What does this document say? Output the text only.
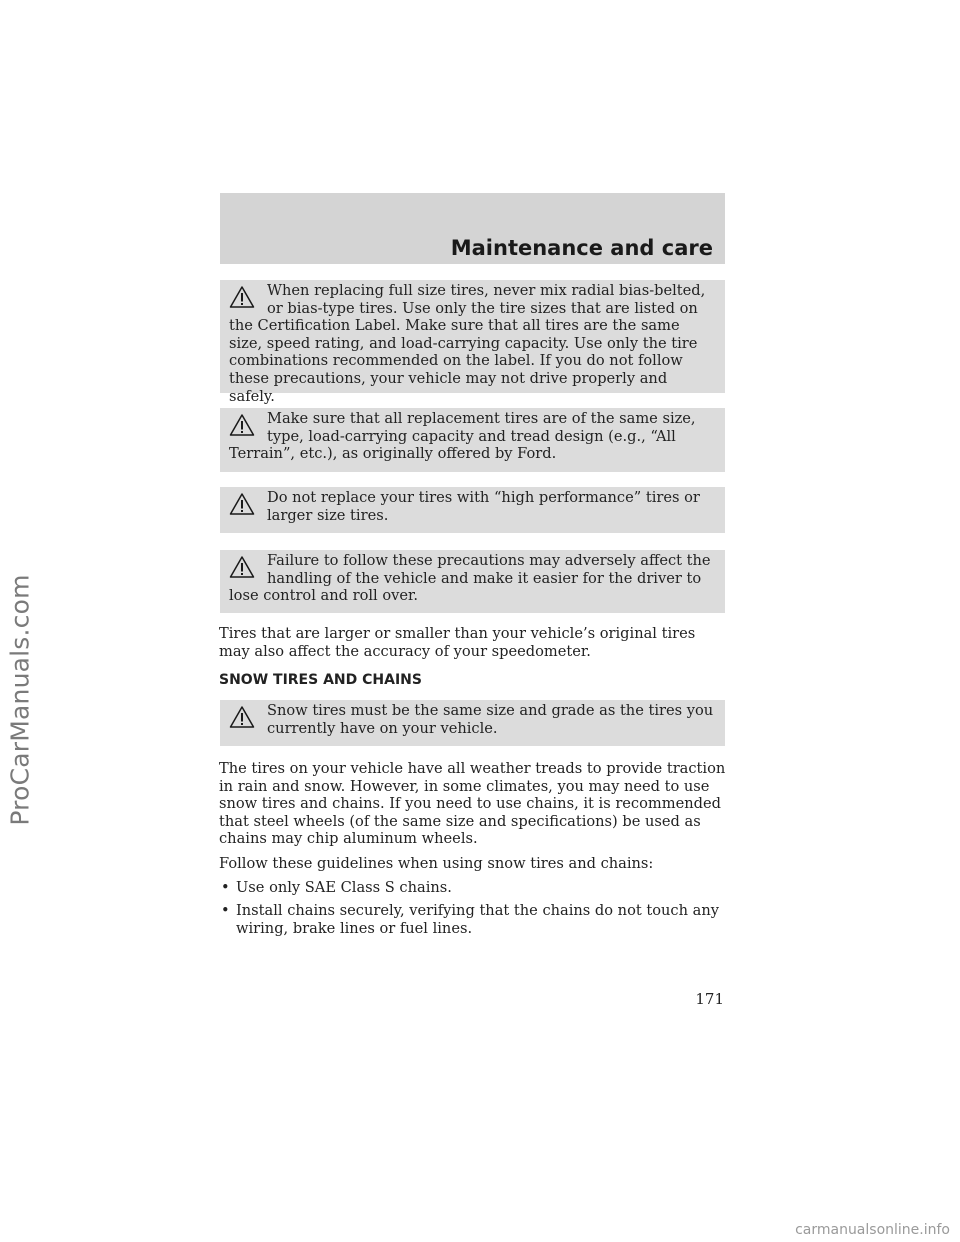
ProCarManuals.com
Maintenance and care
When replacing full size tires, never mix radial bias-belted, or bias-type tires. Use only the tire sizes that are listed on the Certification Label. Make sure that all tires are the same size, speed rating, and load-carrying capacity. Use only the tire combinations recommended on the label. If you do not follow these precautions, your vehicle may not drive properly and safely.
Make sure that all replacement tires are of the same size, type, load-carrying capacity and tread design (e.g., “All Terrain”, etc.), as originally offered by Ford.
Do not replace your tires with “high performance” tires or larger size tires.
Failure to follow these precautions may adversely affect the handling of the vehicle and make it easier for the driver to lose control and roll over.

Tires that are larger or smaller than your vehicle’s original tires may also affect the accuracy of your speedometer.

SNOW TIRES AND CHAINS
Snow tires must be the same size and grade as the tires you currently have on your vehicle.

The tires on your vehicle have all weather treads to provide traction in rain and snow. However, in some climates, you may need to use snow tires and chains. If you need to use chains, it is recommended that steel wheels (of the same size and specifications) be used as chains may chip aluminum wheels.

Follow these guidelines when using snow tires and chains:

• Use only SAE Class S chains.
• Install chains securely, verifying that the chains do not touch any wiring, brake lines or fuel lines.
171
carmanualsonline.info
